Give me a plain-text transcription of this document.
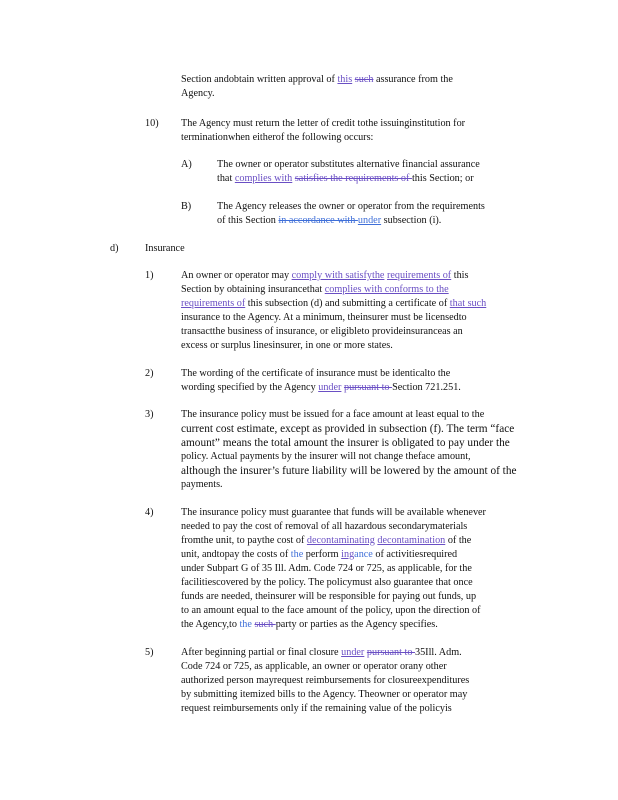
Section andobtain written approval of this such assurance from the
Agency.
10) The Agency must return the letter of credit tothe issuinginstitution for
terminationwhen eitherof the following occurs:
A) The owner or operator substitutes alternative financial assurance
that complies with satisfies the requirements of this Section; or
B)	The Agency releases the owner or operator from the requirements
of this Section in accordance with under subsection (i).
d)	Insurance
1)	An owner or operator may comply with satisfythe requirements of this
Section by obtaining insurancethat complies with conforms to the
requirements of this subsection (d) and submitting a certificate of that such
insurance to the Agency. At a minimum, theinsurer must be licensedto
transactthe business of insurance, or eligibleto provideinsuranceas an
excess or surplus linesinsurer, in one or more states.
2)	The wording of the certificate of insurance must be identicalto the
wording specified by the Agency under pursuant to Section 721.251.
3)	The insurance policy must be issued for a face amount at least equal to the
current cost estimate, except as provided in subsection (f). The term “face
amount” means the total amount the insurer is obligated to pay under the
policy. Actual payments by the insurer will not change theface amount,
although the insurer’s future liability will be lowered by the amount of the
payments.
4)	The insurance policy must guarantee that funds will be available whenever
needed to pay the cost of removal of all hazardous secondarymaterials
fromthe unit, to paythe cost of decontaminating decontamination of the
unit, andtopay the costs of the perform ingance of activitiesrequired
under Subpart G of 35 Ill. Adm. Code 724 or 725, as applicable, for the
facilitiescovered by the policy. The policymust also guarantee that once
funds are needed, theinsurer will be responsible for paying out funds, up
to an amount equal to the face amount of the policy, upon the direction of
the Agency,to the such party or parties as the Agency specifies.
5)	After beginning partial or final closure under pursuant to 35Ill. Adm.
Code 724 or 725, as applicable, an owner or operator orany other
authorized person mayrequest reimbursements for closureexpenditures
by submitting itemized bills to the Agency. Theowner or operator may
request reimbursements only if the remaining value of the policyis
